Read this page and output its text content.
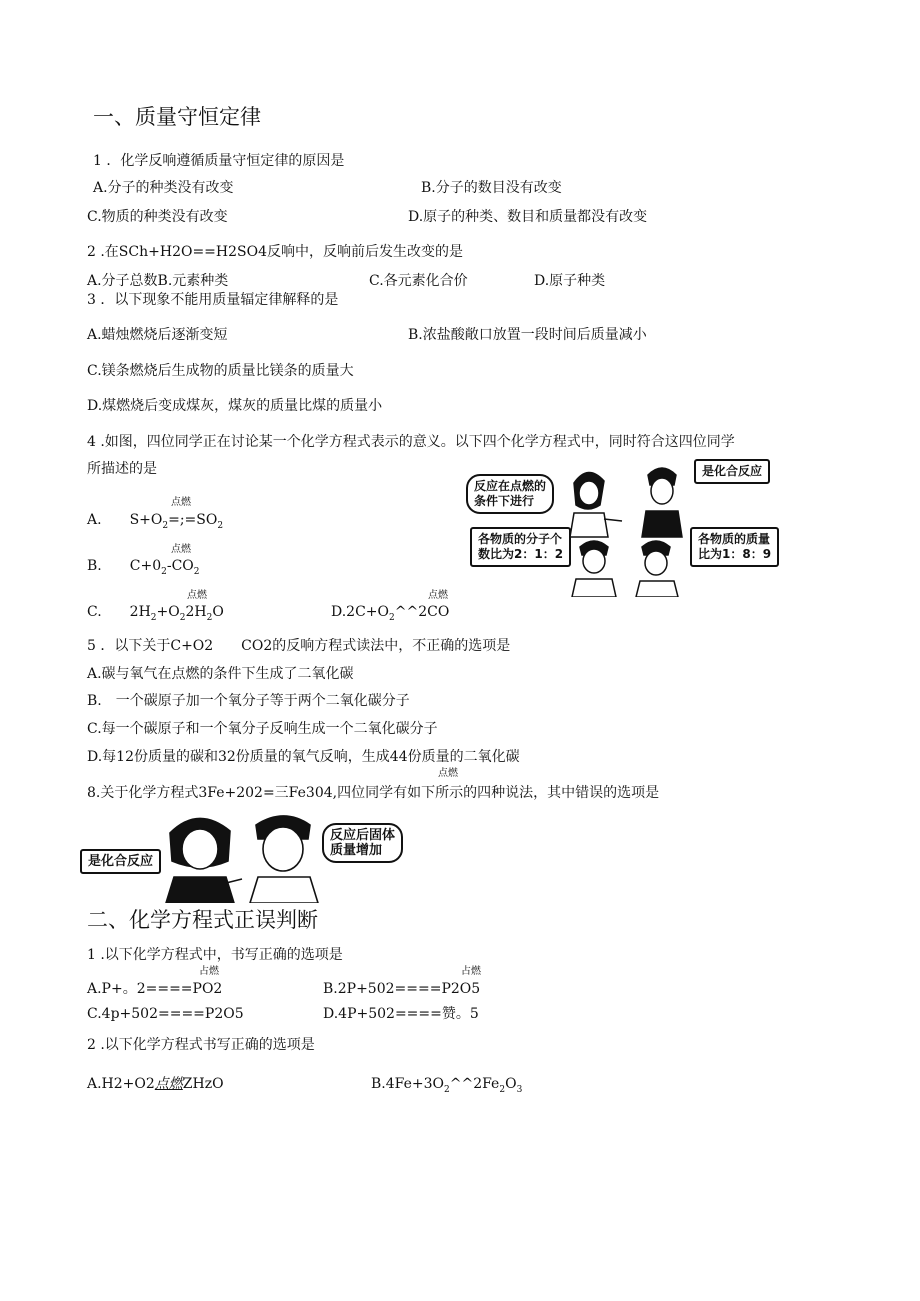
一、质量守恒定律
1 ．化学反响遵循质量守恒定律的原因是
A.分子的种类没有改变	B.分子的数目没有改变
C.物质的种类没有改变	D.原子的种类、数目和质量都没有改变
2 .在SCh+H2O==H2SO4反响中，反响前后发生改变的是
A.分子总数B.元素种类	C.各元素化合价	D.原子种类
3 ．以下现象不能用质量辐定律解释的是
A.蜡烛燃烧后逐渐变短	B.浓盐酸敞口放置一段时间后质量减小
C.镁条燃烧后生成物的质量比镁条的质量大
D.煤燃烧后变成煤灰，煤灰的质量比煤的质量小
4 .如图，四位同学正在讨论某一个化学方程式表示的意义。以下四个化学方程式中，同时符合这四位同学
所描述的是
点燃
A. $S+O_2=;=SO_2$
点燃
B. $C+0_2-CO_2$
点燃
C. $2H_2+O_22H_2O$
点燃
$D.2C+O_2\^{}\^{}2CO$
反应在点燃的
条件下进行
是化合反应
各物质的分子个
数比为2：1：2
各物质的质量
比为1：8：9
5 ．以下关于C+O2　　CO2的反响方程式读法中，不正确的选项是
A.碳与氧气在点燃的条件下生成了二氧化碳
B.　一个碳原子加一个氧分子等于两个二氧化碳分子
C.每一个碳原子和一个氧分子反响生成一个二氧化碳分子
D.每12份质量的碳和32份质量的氧气反响，生成44份质量的二氧化碳
点燃
8.关于化学方程式3Fe+202=三Fe304,四位同学有如下所示的四种说法，其中错误的选项是
是化合反应
反应后固体
质量增加
二、化学方程式正误判断
1 .以下化学方程式中，书写正确的选项是
占燃	占燃
A.P+。2====PO2	B.2P+502====P2O5
C.4p+502====P2O5	D.4P+502====赞。5
2 .以下化学方程式书写正确的选项是
A.H2+O2点燃ZHzO	$B.4Fe+3O_2\^{}\^{}2Fe_2O_3$
